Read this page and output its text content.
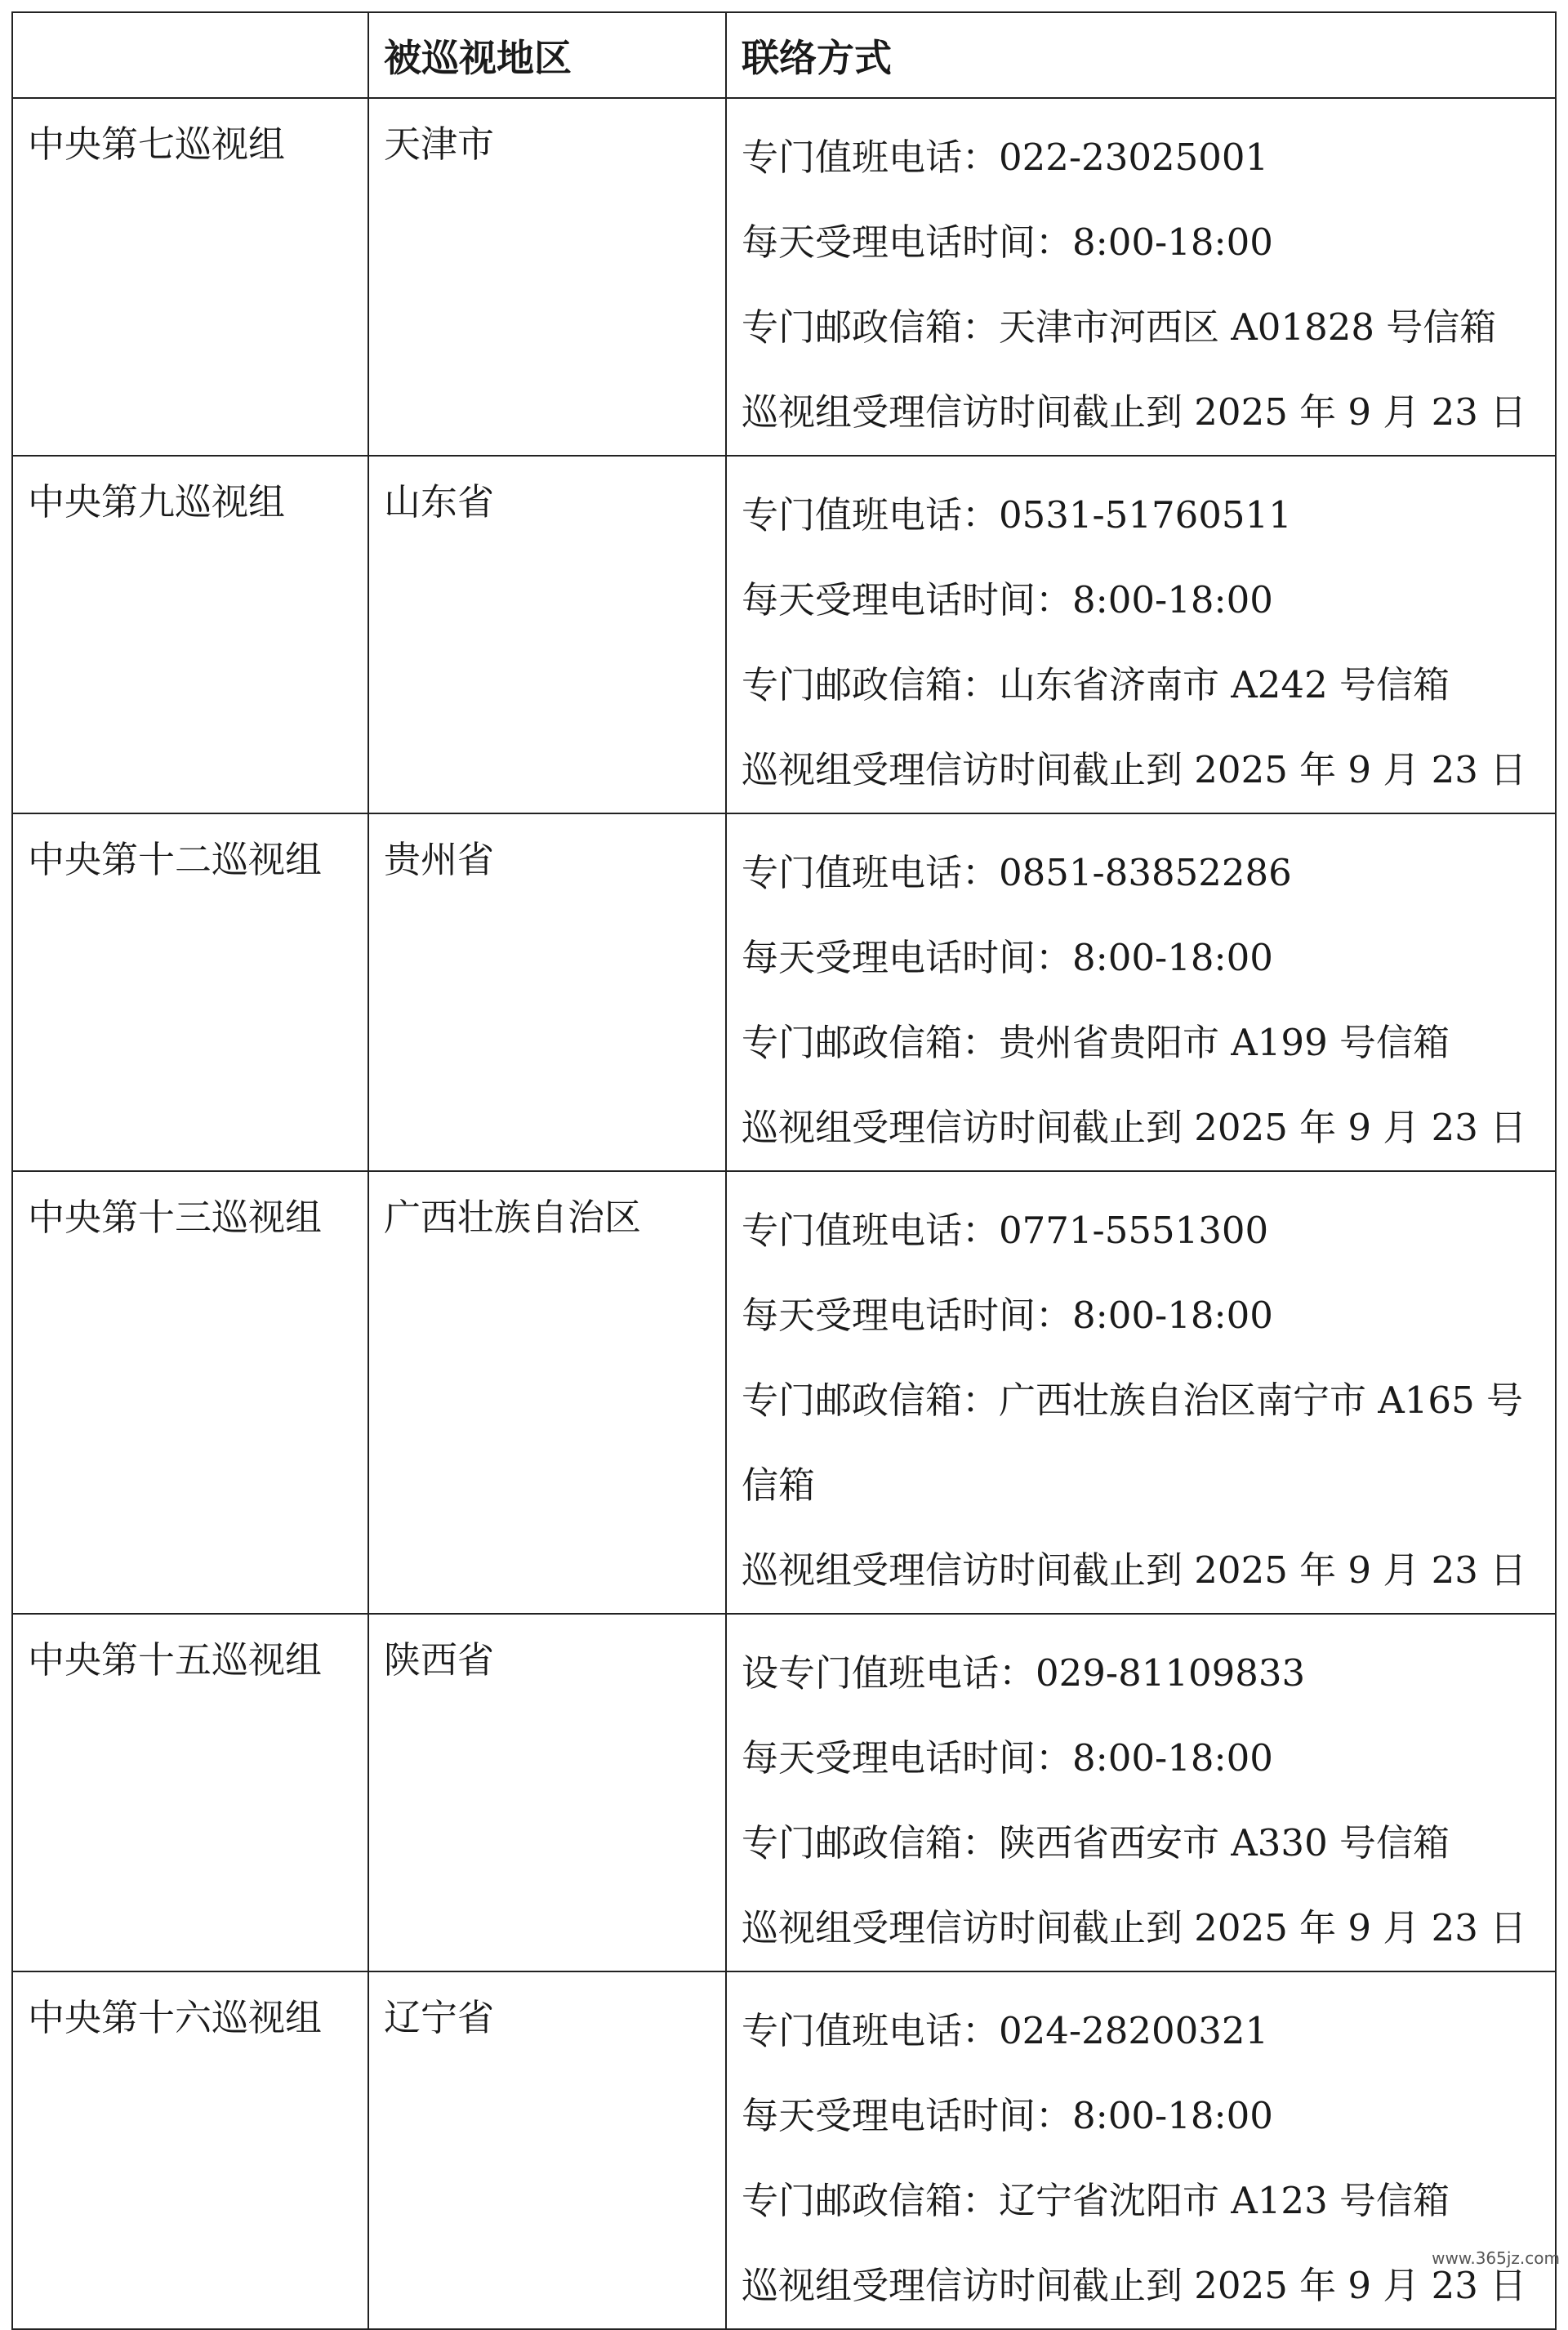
	被巡视地区	联络方式
中央第七巡视组	天津市	专门值班电话：022-23025001
每天受理电话时间：8:00-18:00
专门邮政信箱：天津市河西区 A01828 号信箱
巡视组受理信访时间截止到 2025 年 9 月 23 日

中央第九巡视组	山东省	专门值班电话：0531-51760511
每天受理电话时间：8:00-18:00
专门邮政信箱：山东省济南市 A242 号信箱
巡视组受理信访时间截止到 2025 年 9 月 23 日

中央第十二巡视组	贵州省	专门值班电话：0851-83852286
每天受理电话时间：8:00-18:00
专门邮政信箱：贵州省贵阳市 A199 号信箱
巡视组受理信访时间截止到 2025 年 9 月 23 日

中央第十三巡视组	广西壮族自治区	专门值班电话：0771-5551300
每天受理电话时间：8:00-18:00
专门邮政信箱：广西壮族自治区南宁市 A165 号信箱
巡视组受理信访时间截止到 2025 年 9 月 23 日

中央第十五巡视组	陕西省	设专门值班电话：029-81109833
每天受理电话时间：8:00-18:00
专门邮政信箱：陕西省西安市 A330 号信箱
巡视组受理信访时间截止到 2025 年 9 月 23 日

中央第十六巡视组	辽宁省	专门值班电话：024-28200321
每天受理电话时间：8:00-18:00
专门邮政信箱：辽宁省沈阳市 A123 号信箱
巡视组受理信访时间截止到 2025 年 9 月 23 日
www.365jz.com
